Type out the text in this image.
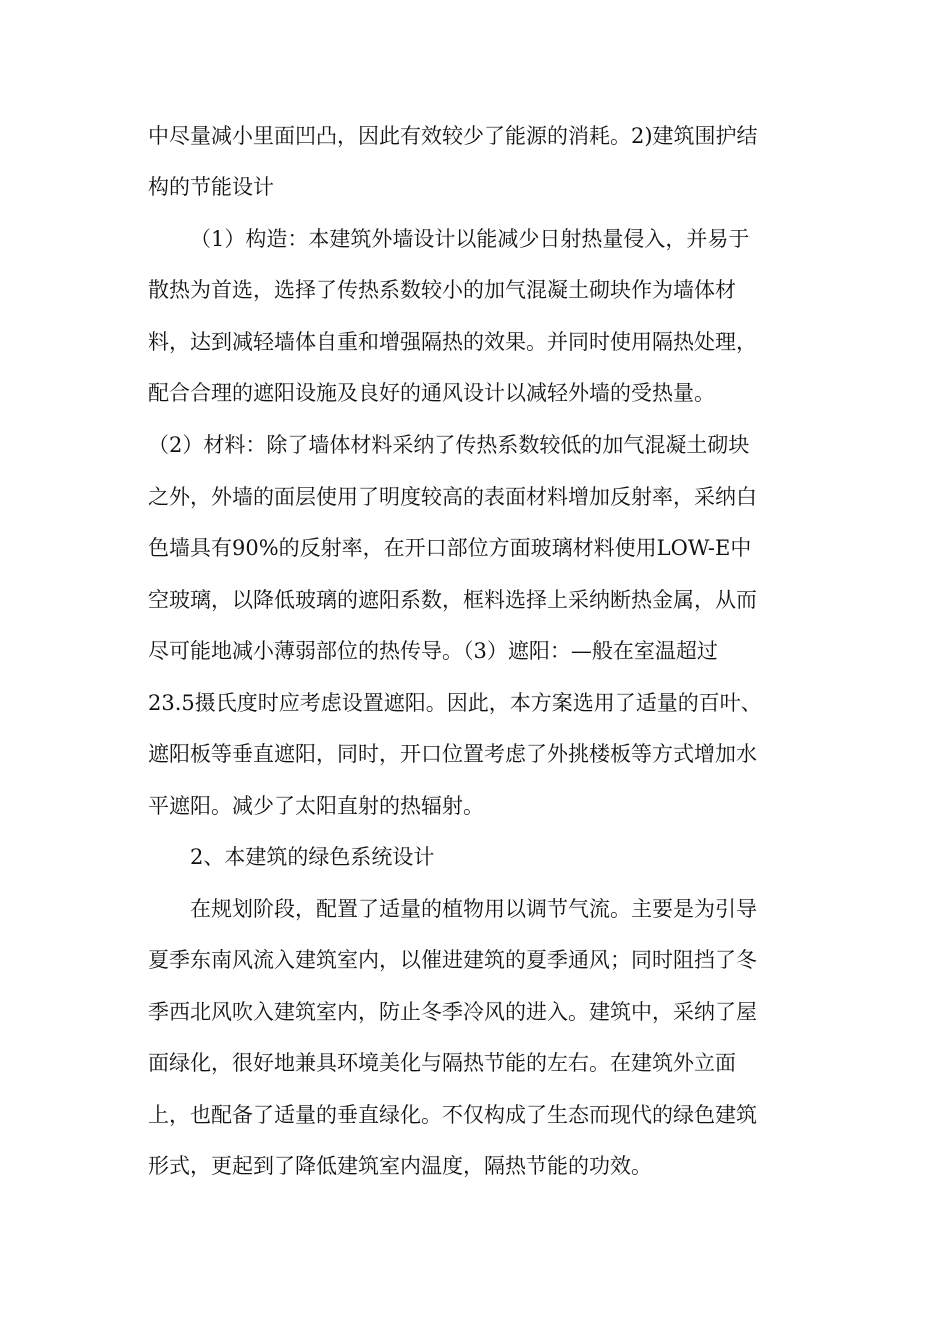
中尽量减小里面凹凸，因此有效较少了能源的消耗。2)建筑围护结
构的节能设计
（1）构造：本建筑外墙设计以能减少日射热量侵入，并易于
散热为首选，选择了传热系数较小的加气混凝土砌块作为墙体材
料，达到减轻墙体自重和增强隔热的效果。并同时使用隔热处理，
配合合理的遮阳设施及良好的通风设计以减轻外墙的受热量。
（2）材料：除了墙体材料采纳了传热系数较低的加气混凝土砌块
之外，外墙的面层使用了明度较高的表面材料增加反射率，采纳白
色墙具有90%的反射率，在开口部位方面玻璃材料使用LOW-E中
空玻璃，以降低玻璃的遮阳系数，框料选择上采纳断热金属，从而
尽可能地减小薄弱部位的热传导。（3）遮阳：—般在室温超过
23.5摄氏度时应考虑设置遮阳。因此，本方案选用了适量的百叶、
遮阳板等垂直遮阳，同时，开口位置考虑了外挑楼板等方式增加水
平遮阳。减少了太阳直射的热辐射。
2、本建筑的绿色系统设计
在规划阶段，配置了适量的植物用以调节气流。主要是为引导
夏季东南风流入建筑室内，以催进建筑的夏季通风；同时阻挡了冬
季西北风吹入建筑室内，防止冬季冷风的进入。建筑中，采纳了屋
面绿化，很好地兼具环境美化与隔热节能的左右。在建筑外立面
上，也配备了适量的垂直绿化。不仅构成了生态而现代的绿色建筑
形式，更起到了降低建筑室内温度，隔热节能的功效。
